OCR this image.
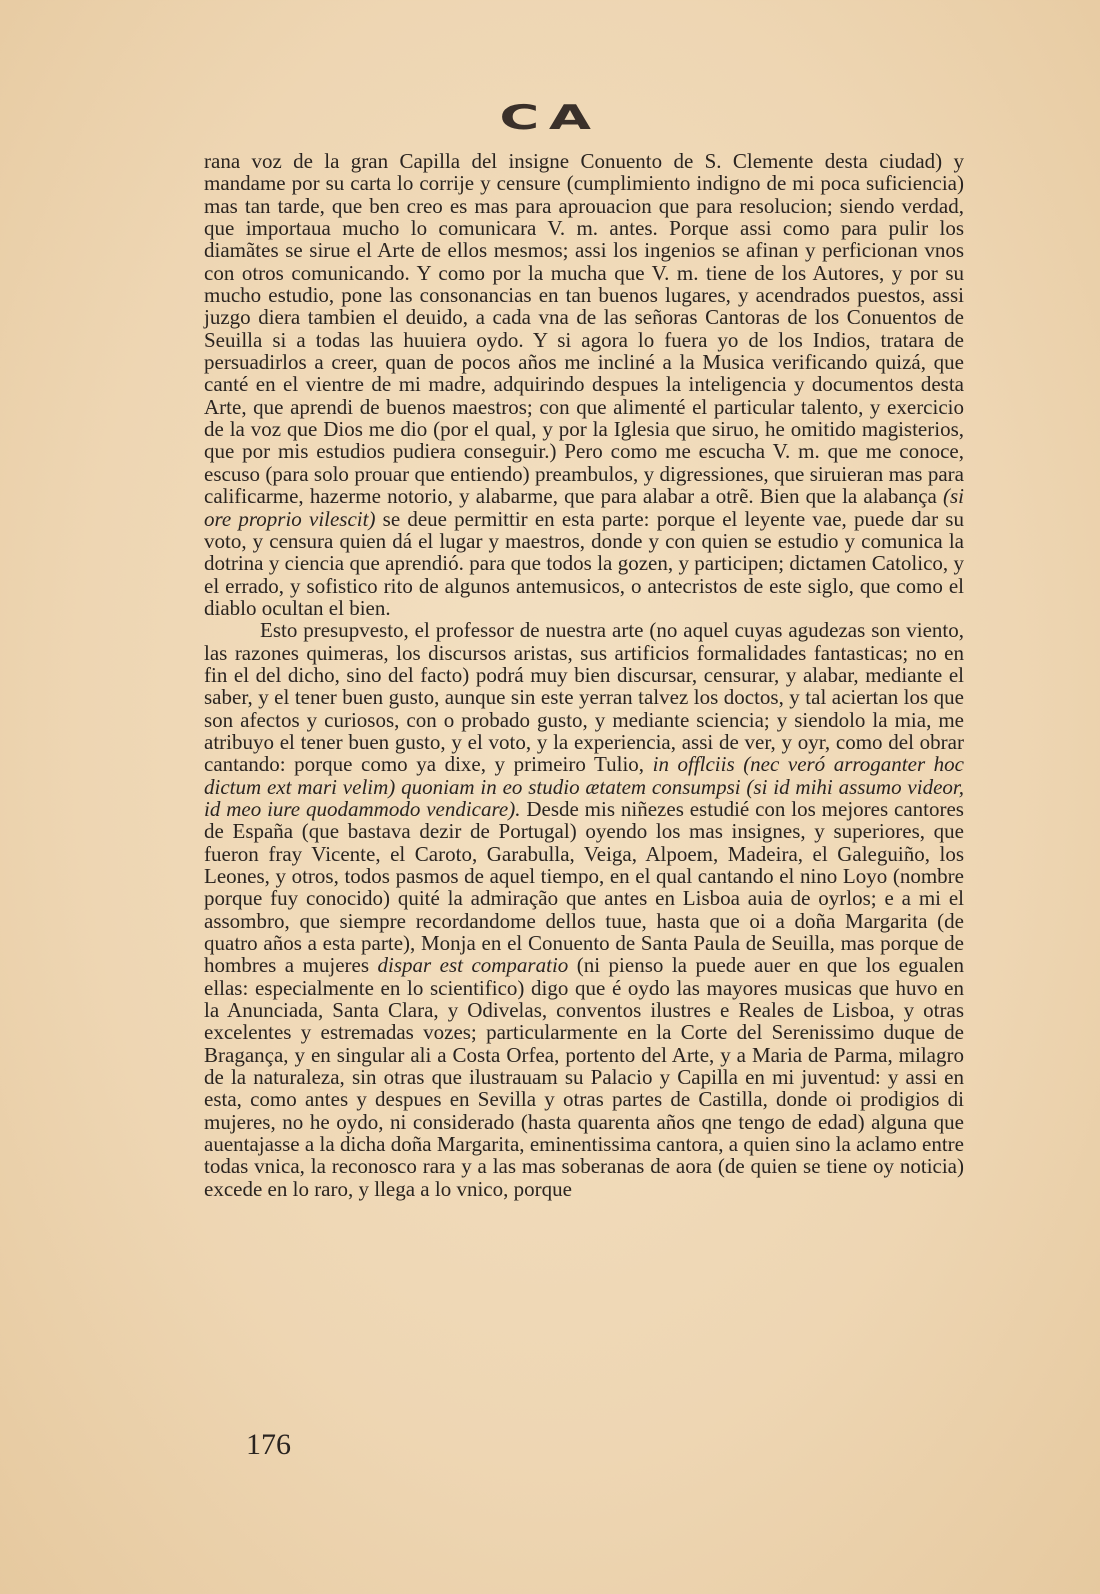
CA

rana voz de la gran Capilla del insigne Conuento de S. Clemente desta ciudad) y mandame por su carta lo corrije y censure (cumplimiento indigno de mi poca suficiencia) mas tan tarde, que ben creo es mas para aprouacion que para resolucion; siendo verdad, que importaua mucho lo comunicara V. m. antes. Porque assi como para pulir los diamãtes se sirue el Arte de ellos mesmos; assi los ingenios se afinan y perficionan vnos con otros comunicando. Y como por la mucha que V. m. tiene de los Autores, y por su mucho estudio, pone las consonancias en tan buenos lugares, y acendrados puestos, assi juzgo diera tambien el deuido, a cada vna de las señoras Cantoras de los Conuentos de Seuilla si a todas las huuiera oydo. Y si agora lo fuera yo de los Indios, tratara de persuadirlos a creer, quan de pocos años me incliné a la Musica verificando quizá, que canté en el vientre de mi madre, adquirindo despues la inteligencia y documentos desta Arte, que aprendi de buenos maestros; con que alimenté el particular talento, y exercicio de la voz que Dios me dio (por el qual, y por la Iglesia que siruo, he omitido magisterios, que por mis estudios pudiera conseguir.) Pero como me escucha V. m. que me conoce, escuso (para solo prouar que entiendo) preambulos, y digressiones, que siruieran mas para calificarme, hazerme notorio, y alabarme, que para alabar a otrẽ. Bien que la alabança (si ore proprio vilescit) se deue permittir en esta parte: porque el leyente vae, puede dar su voto, y censura quien dá el lugar y maestros, donde y con quien se estudio y comunica la dotrina y ciencia que aprendió. para que todos la gozen, y participen; dictamen Catolico, y el errado, y sofistico rito de algunos antemusicos, o antecristos de este siglo, que como el diablo ocultan el bien.

Esto presupvesto, el professor de nuestra arte (no aquel cuyas agudezas son viento, las razones quimeras, los discursos aristas, sus artificios formalidades fantasticas; no en fin el del dicho, sino del facto) podrá muy bien discursar, censurar, y alabar, mediante el saber, y el tener buen gusto, aunque sin este yerran talvez los doctos, y tal aciertan los que son afectos y curiosos, con o probado gusto, y mediante sciencia; y siendolo la mia, me atribuyo el tener buen gusto, y el voto, y la experiencia, assi de ver, y oyr, como del obrar cantando: porque como ya dixe, y primeiro Tulio, in offlciis (nec veró arroganter hoc dictum ext mari velim) quoniam in eo studio ætatem consumpsi (si id mihi assumo videor, id meo iure quodammodo vendicare). Desde mis niñezes estudié con los mejores cantores de España (que bastava dezir de Portugal) oyendo los mas insignes, y superiores, que fueron fray Vicente, el Caroto, Garabulla, Veiga, Alpoem, Madeira, el Galeguiño, los Leones, y otros, todos pasmos de aquel tiempo, en el qual cantando el nino Loyo (nombre porque fuy conocido) quité la admiração que antes en Lisboa auia de oyrlos; e a mi el assombro, que siempre recordandome dellos tuue, hasta que oi a doña Margarita (de quatro años a esta parte), Monja en el Conuento de Santa Paula de Seuilla, mas porque de hombres a mujeres dispar est comparatio (ni pienso la puede auer en que los egualen ellas: especialmente en lo scientifico) digo que é oydo las mayores musicas que huvo en la Anunciada, Santa Clara, y Odivelas, conventos ilustres e Reales de Lisboa, y otras excelentes y estremadas vozes; particularmente en la Corte del Serenissimo duque de Bragança, y en singular ali a Costa Orfea, portento del Arte, y a Maria de Parma, milagro de la naturaleza, sin otras que ilustrauam su Palacio y Capilla en mi juventud: y assi en esta, como antes y despues en Sevilla y otras partes de Castilla, donde oi prodigios di mujeres, no he oydo, ni considerado (hasta quarenta años qne tengo de edad) alguna que auentajasse a la dicha doña Margarita, eminentissima cantora, a quien sino la aclamo entre todas vnica, la reconosco rara y a las mas soberanas de aora (de quien se tiene oy noticia) excede en lo raro, y llega a lo vnico, porque

176
